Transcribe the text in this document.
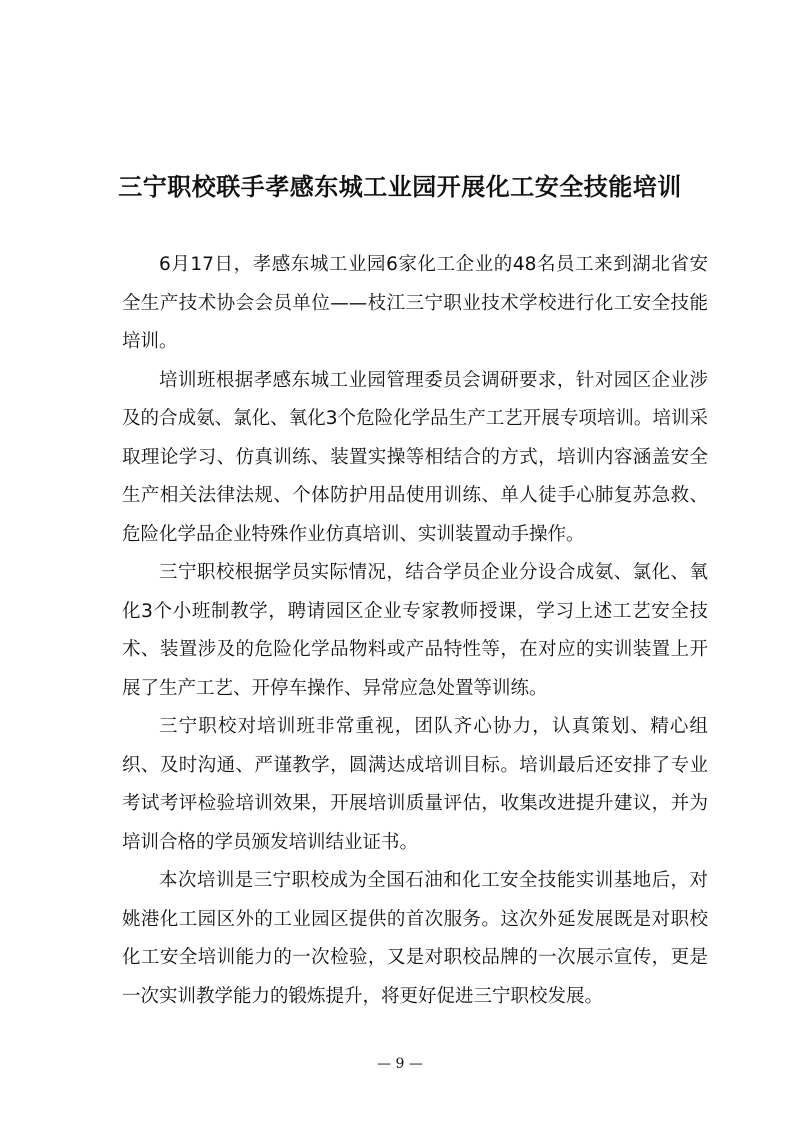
三宁职校联手孝感东城工业园开展化工安全技能培训

6月17日，孝感东城工业园6家化工企业的48名员工来到湖北省安全生产技术协会会员单位——枝江三宁职业技术学校进行化工安全技能培训。

培训班根据孝感东城工业园管理委员会调研要求，针对园区企业涉及的合成氨、氯化、氧化3个危险化学品生产工艺开展专项培训。培训采取理论学习、仿真训练、装置实操等相结合的方式，培训内容涵盖安全生产相关法律法规、个体防护用品使用训练、单人徒手心肺复苏急救、危险化学品企业特殊作业仿真培训、实训装置动手操作。

三宁职校根据学员实际情况，结合学员企业分设合成氨、氯化、氧化3个小班制教学，聘请园区企业专家教师授课，学习上述工艺安全技术、装置涉及的危险化学品物料或产品特性等，在对应的实训装置上开展了生产工艺、开停车操作、异常应急处置等训练。

三宁职校对培训班非常重视，团队齐心协力，认真策划、精心组织、及时沟通、严谨教学，圆满达成培训目标。培训最后还安排了专业考试考评检验培训效果，开展培训质量评估，收集改进提升建议，并为培训合格的学员颁发培训结业证书。

本次培训是三宁职校成为全国石油和化工安全技能实训基地后，对姚港化工园区外的工业园区提供的首次服务。这次外延发展既是对职校化工安全培训能力的一次检验，又是对职校品牌的一次展示宣传，更是一次实训教学能力的锻炼提升，将更好促进三宁职校发展。

— 9 —
